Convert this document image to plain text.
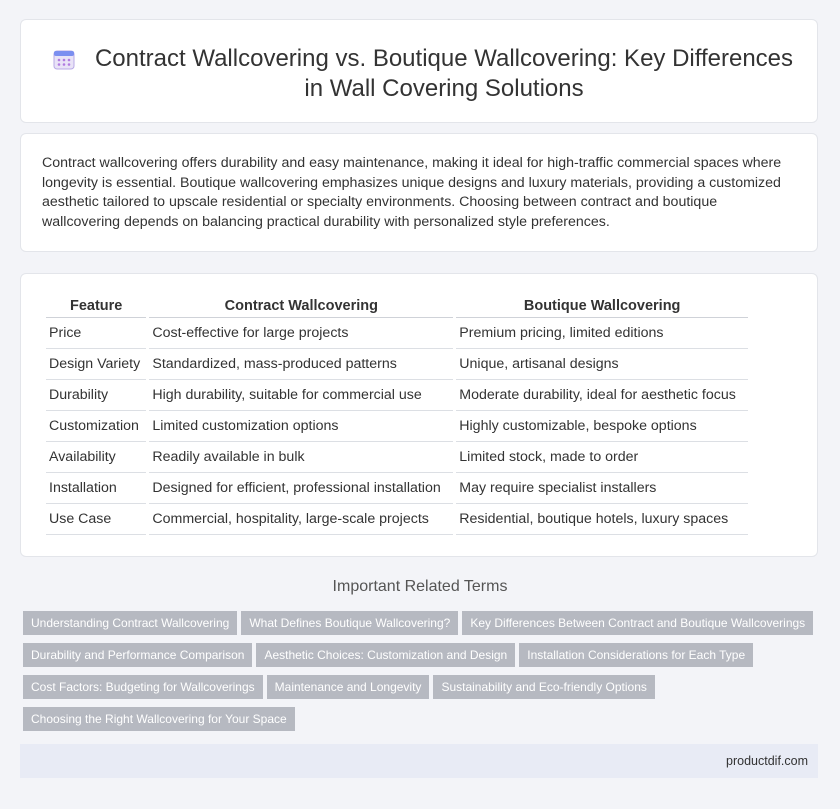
Contract Wallcovering vs. Boutique Wallcovering: Key Differences in Wall Covering Solutions

Contract wallcovering offers durability and easy maintenance, making it ideal for high-traffic commercial spaces where longevity is essential. Boutique wallcovering emphasizes unique designs and luxury materials, providing a customized aesthetic tailored to upscale residential or specialty environments. Choosing between contract and boutique wallcovering depends on balancing practical durability with personalized style preferences.

Feature	Contract Wallcovering	Boutique Wallcovering
Price	Cost-effective for large projects	Premium pricing, limited editions
Design Variety	Standardized, mass-produced patterns	Unique, artisanal designs
Durability	High durability, suitable for commercial use	Moderate durability, ideal for aesthetic focus
Customization	Limited customization options	Highly customizable, bespoke options
Availability	Readily available in bulk	Limited stock, made to order
Installation	Designed for efficient, professional installation	May require specialist installers
Use Case	Commercial, hospitality, large-scale projects	Residential, boutique hotels, luxury spaces
Important Related Terms
Understanding Contract Wallcovering What Defines Boutique Wallcovering? Key Differences Between Contract and Boutique WallcoveringsDurability and Performance Comparison Aesthetic Choices: Customization and Design Installation Considerations for Each TypeCost Factors: Budgeting for Wallcoverings Maintenance and Longevity Sustainability and Eco-friendly OptionsChoosing the Right Wallcovering for Your Space
productdif.com
